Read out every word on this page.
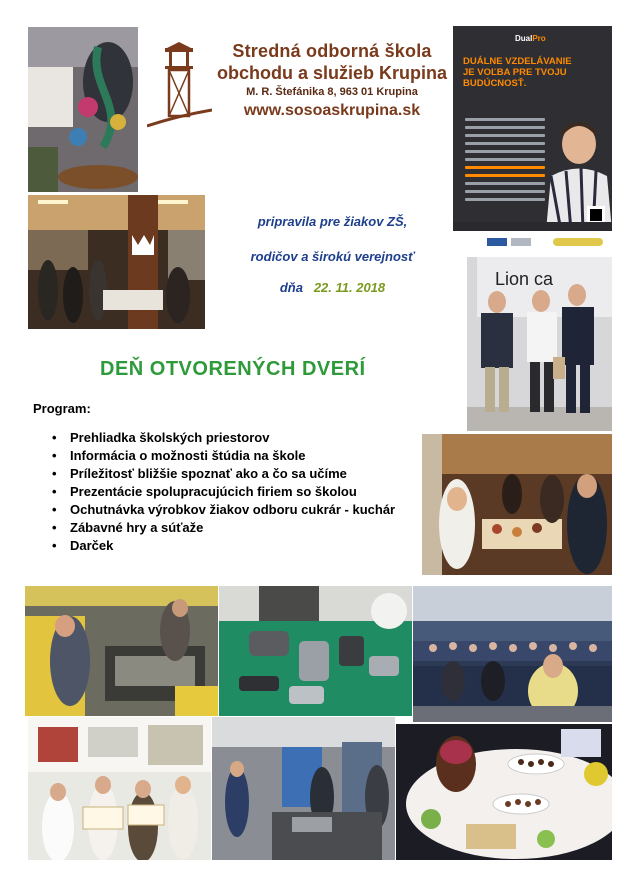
Stredná odborná škola
obchodu a služieb Krupina
M. R. Štefánika 8, 963 01 Krupina
www.sosoaskrupina.sk
DualPro
DUÁLNE VZDELÁVANIE JE VOĽBA PRE TVOJU BUDÚCNOSŤ.
pripravila pre žiakov ZŠ,
rodičov a širokú verejnosť
dňa 22. 11. 2018	Lion ca
DEŇ OTVORENÝCH DVERÍ
Program:
• Prehliadka školských priestorov
• Informácia o možnosti štúdia na škole
• Príležitosť bližšie spoznať ako a čo sa učíme
• Prezentácie spolupracujúcich firiem so školou
• Ochutnávka výrobkov žiakov odboru cukrár - kuchár
• Zábavné hry a súťaže
• Darček
